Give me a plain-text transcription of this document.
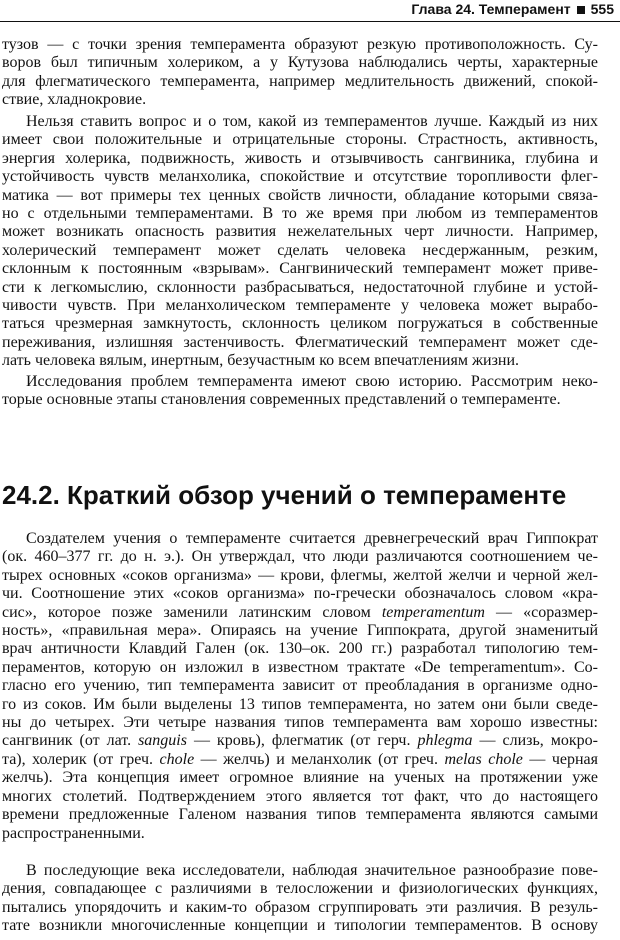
Глава 24. Темперамент 555

тузов — с точки зрения темперамента образуют резкую противоположность. Су-
воров был типичным холериком, а у Кутузова наблюдались черты, характерные
для флегматического темперамента, например медлительность движений, спокой-
ствие, хладнокровие.

Нельзя ставить вопрос и о том, какой из темпераментов лучше. Каждый из них
имеет свои положительные и отрицательные стороны. Страстность, активность,
энергия холерика, подвижность, живость и отзывчивость сангвиника, глубина и
устойчивость чувств меланхолика, спокойствие и отсутствие торопливости флег-
матика — вот примеры тех ценных свойств личности, обладание которыми связа-
но с отдельными темпераментами. В то же время при любом из темпераментов
может возникать опасность развития нежелательных черт личности. Например,
холерический темперамент может сделать человека несдержанным, резким,
склонным к постоянным «взрывам». Сангвинический темперамент может приве-
сти к легкомыслию, склонности разбрасываться, недостаточной глубине и устой-
чивости чувств. При меланхолическом темпераменте у человека может вырабо-
таться чрезмерная замкнутость, склонность целиком погружаться в собственные
переживания, излишняя застенчивость. Флегматический темперамент может сде-
лать человека вялым, инертным, безучастным ко всем впечатлениям жизни.

Исследования проблем темперамента имеют свою историю. Рассмотрим неко-
торые основные этапы становления современных представлений о темпераменте.

24.2. Краткий обзор учений о темпераменте

Создателем учения о темпераменте считается древнегреческий врач Гиппократ
(ок. 460–377 гг. до н. э.). Он утверждал, что люди различаются соотношением че-
тырех основных «соков организма» — крови, флегмы, желтой желчи и черной жел-
чи. Соотношение этих «соков организма» по-гречески обозначалось словом «кра-
сис», которое позже заменили латинским словом temperamentum — «соразмер-
ность», «правильная мера». Опираясь на учение Гиппократа, другой знаменитый
врач античности Клавдий Гален (ок. 130–ок. 200 гг.) разработал типологию тем-
пераментов, которую он изложил в известном трактате «De temperamentum». Со-
гласно его учению, тип темперамента зависит от преобладания в организме одно-
го из соков. Им были выделены 13 типов темперамента, но затем они были сведе-
ны до четырех. Эти четыре названия типов темперамента вам хорошо известны:
сангвиник (от лат. sanguis — кровь), флегматик (от герч. phlegma — слизь, мокро-
та), холерик (от греч. chole — желчь) и меланхолик (от греч. melas chole — черная
желчь). Эта концепция имеет огромное влияние на ученых на протяжении уже
многих столетий. Подтверждением этого является тот факт, что до настоящего
времени предложенные Галеном названия типов темперамента являются самыми
распространенными.

В последующие века исследователи, наблюдая значительное разнообразие пове-
дения, совпадающее с различиями в телосложении и физиологических функциях,
пытались упорядочить и каким-то образом сгруппировать эти различия. В резуль-
тате возникли многочисленные концепции и типологии темпераментов. В основу
